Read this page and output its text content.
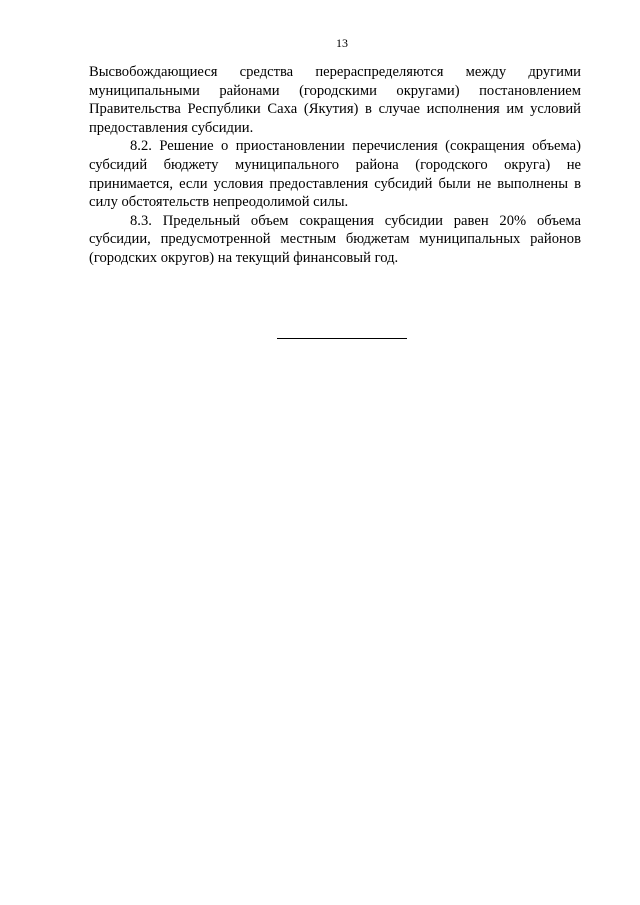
13

Высвобождающиеся средства перераспределяются между другими муниципальными районами (городскими округами) постановлением Правительства Республики Саха (Якутия) в случае исполнения им условий предоставления субсидии.

8.2. Решение о приостановлении перечисления (сокращения объема) субсидий бюджету муниципального района (городского округа) не принимается, если условия предоставления субсидий были не выполнены в силу обстоятельств непреодолимой силы.

8.3. Предельный объем сокращения субсидии равен 20% объема субсидии, предусмотренной местным бюджетам муниципальных районов (городских округов) на текущий финансовый год.
